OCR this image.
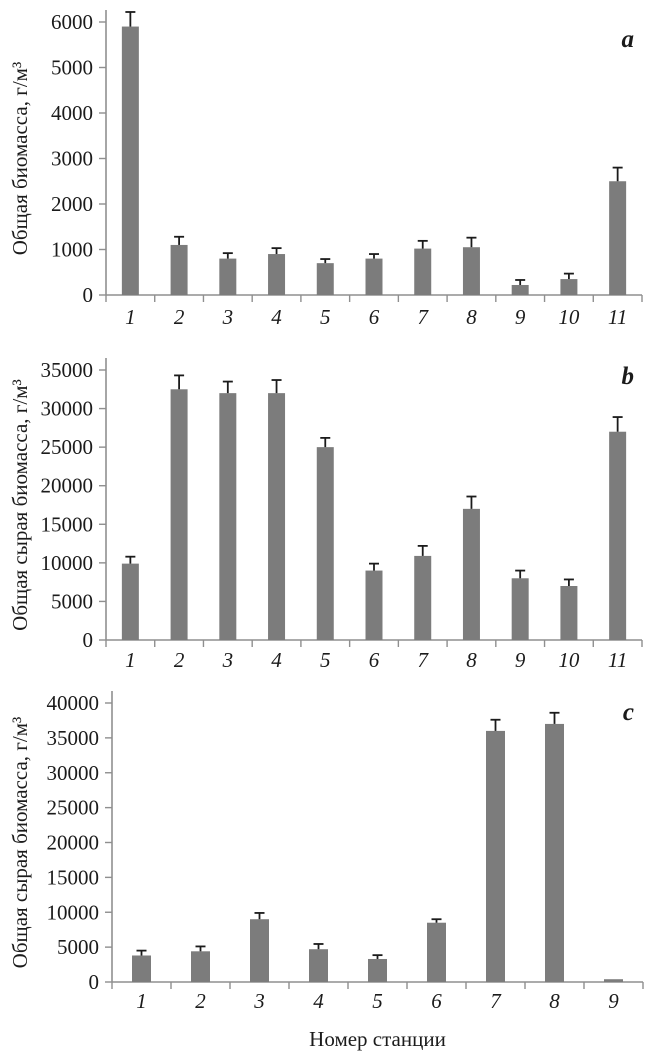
0
1000
2000
3000
4000
5000
6000
1 2 3 4 5 6 7 8 9 10 11
Общая биомасса, г/м³
a
0
5000
10000
15000
20000
25000
30000
35000
1 2 3 4 5 6 7 8 9 10 11
Общая сырая биомасса, г/м³
b
0
5000
10000
15000
20000
25000
30000
35000
40000
1 2 3 4 5 6 7 8 9
Общая сырая биомасса, г/м³
c
Номер станции
